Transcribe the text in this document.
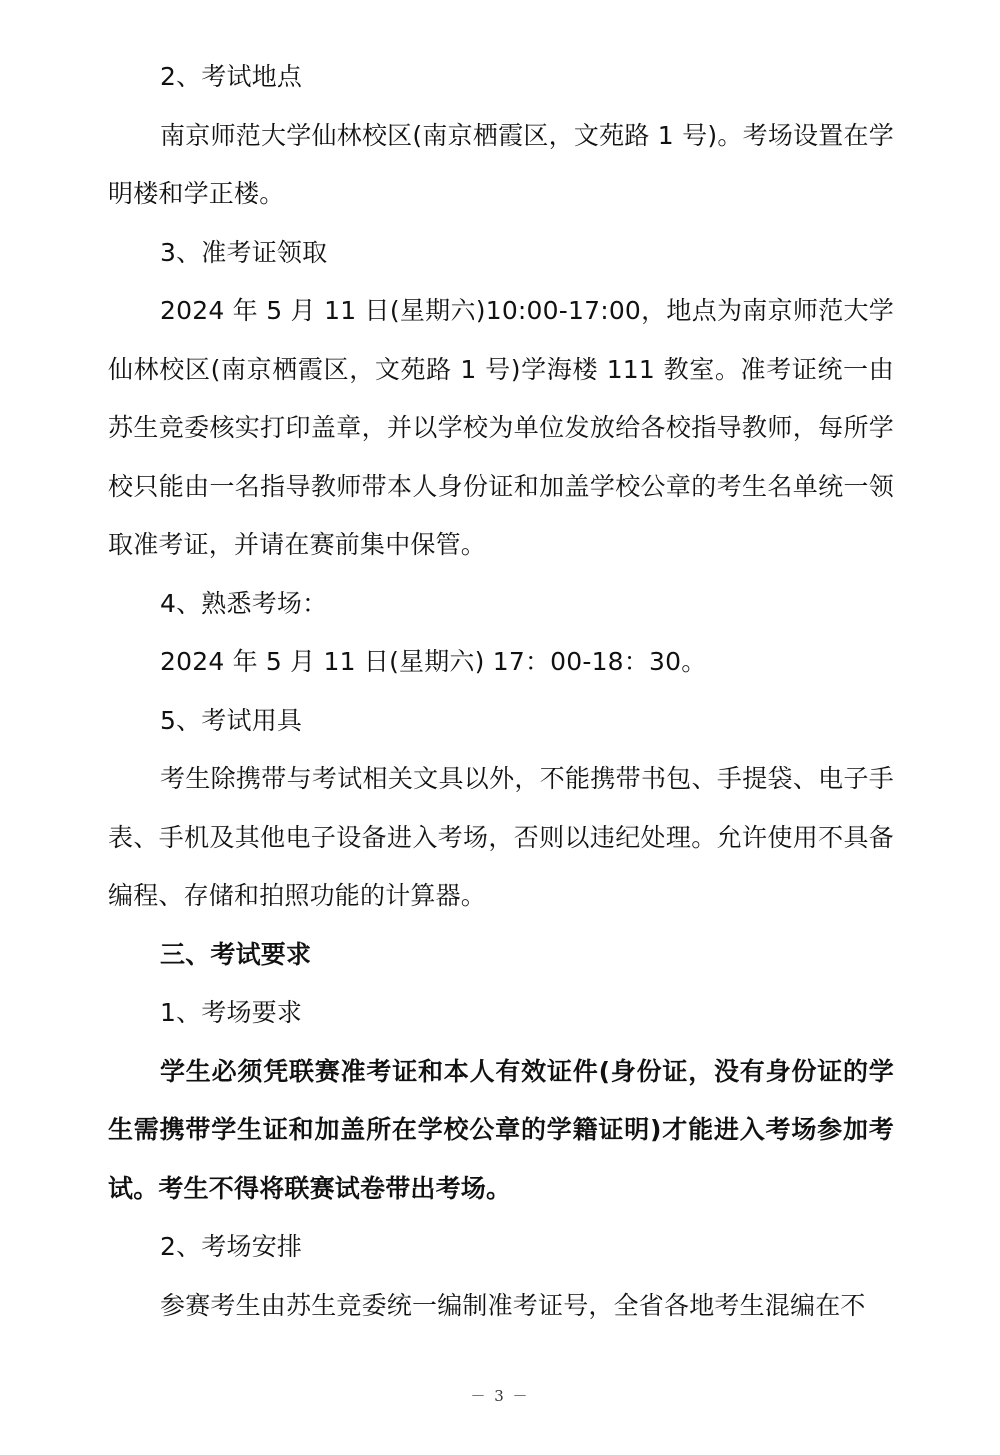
2、考试地点

南京师范大学仙林校区(南京栖霞区，文苑路 1 号)。考场设置在学明楼和学正楼。

3、准考证领取

2024 年 5 月 11 日(星期六)10:00-17:00，地点为南京师范大学仙林校区(南京栖霞区，文苑路 1 号)学海楼 111 教室。准考证统一由苏生竞委核实打印盖章，并以学校为单位发放给各校指导教师，每所学校只能由一名指导教师带本人身份证和加盖学校公章的考生名单统一领取准考证，并请在赛前集中保管。

4、熟悉考场：

2024 年 5 月 11 日(星期六) 17：00-18：30。

5、考试用具

考生除携带与考试相关文具以外，不能携带书包、手提袋、电子手表、手机及其他电子设备进入考场，否则以违纪处理。允许使用不具备编程、存储和拍照功能的计算器。

三、考试要求

1、考场要求

学生必须凭联赛准考证和本人有效证件(身份证，没有身份证的学生需携带学生证和加盖所在学校公章的学籍证明)才能进入考场参加考试。考生不得将联赛试卷带出考场。

2、考场安排

参赛考生由苏生竞委统一编制准考证号，全省各地考生混编在不

－ 3 －
